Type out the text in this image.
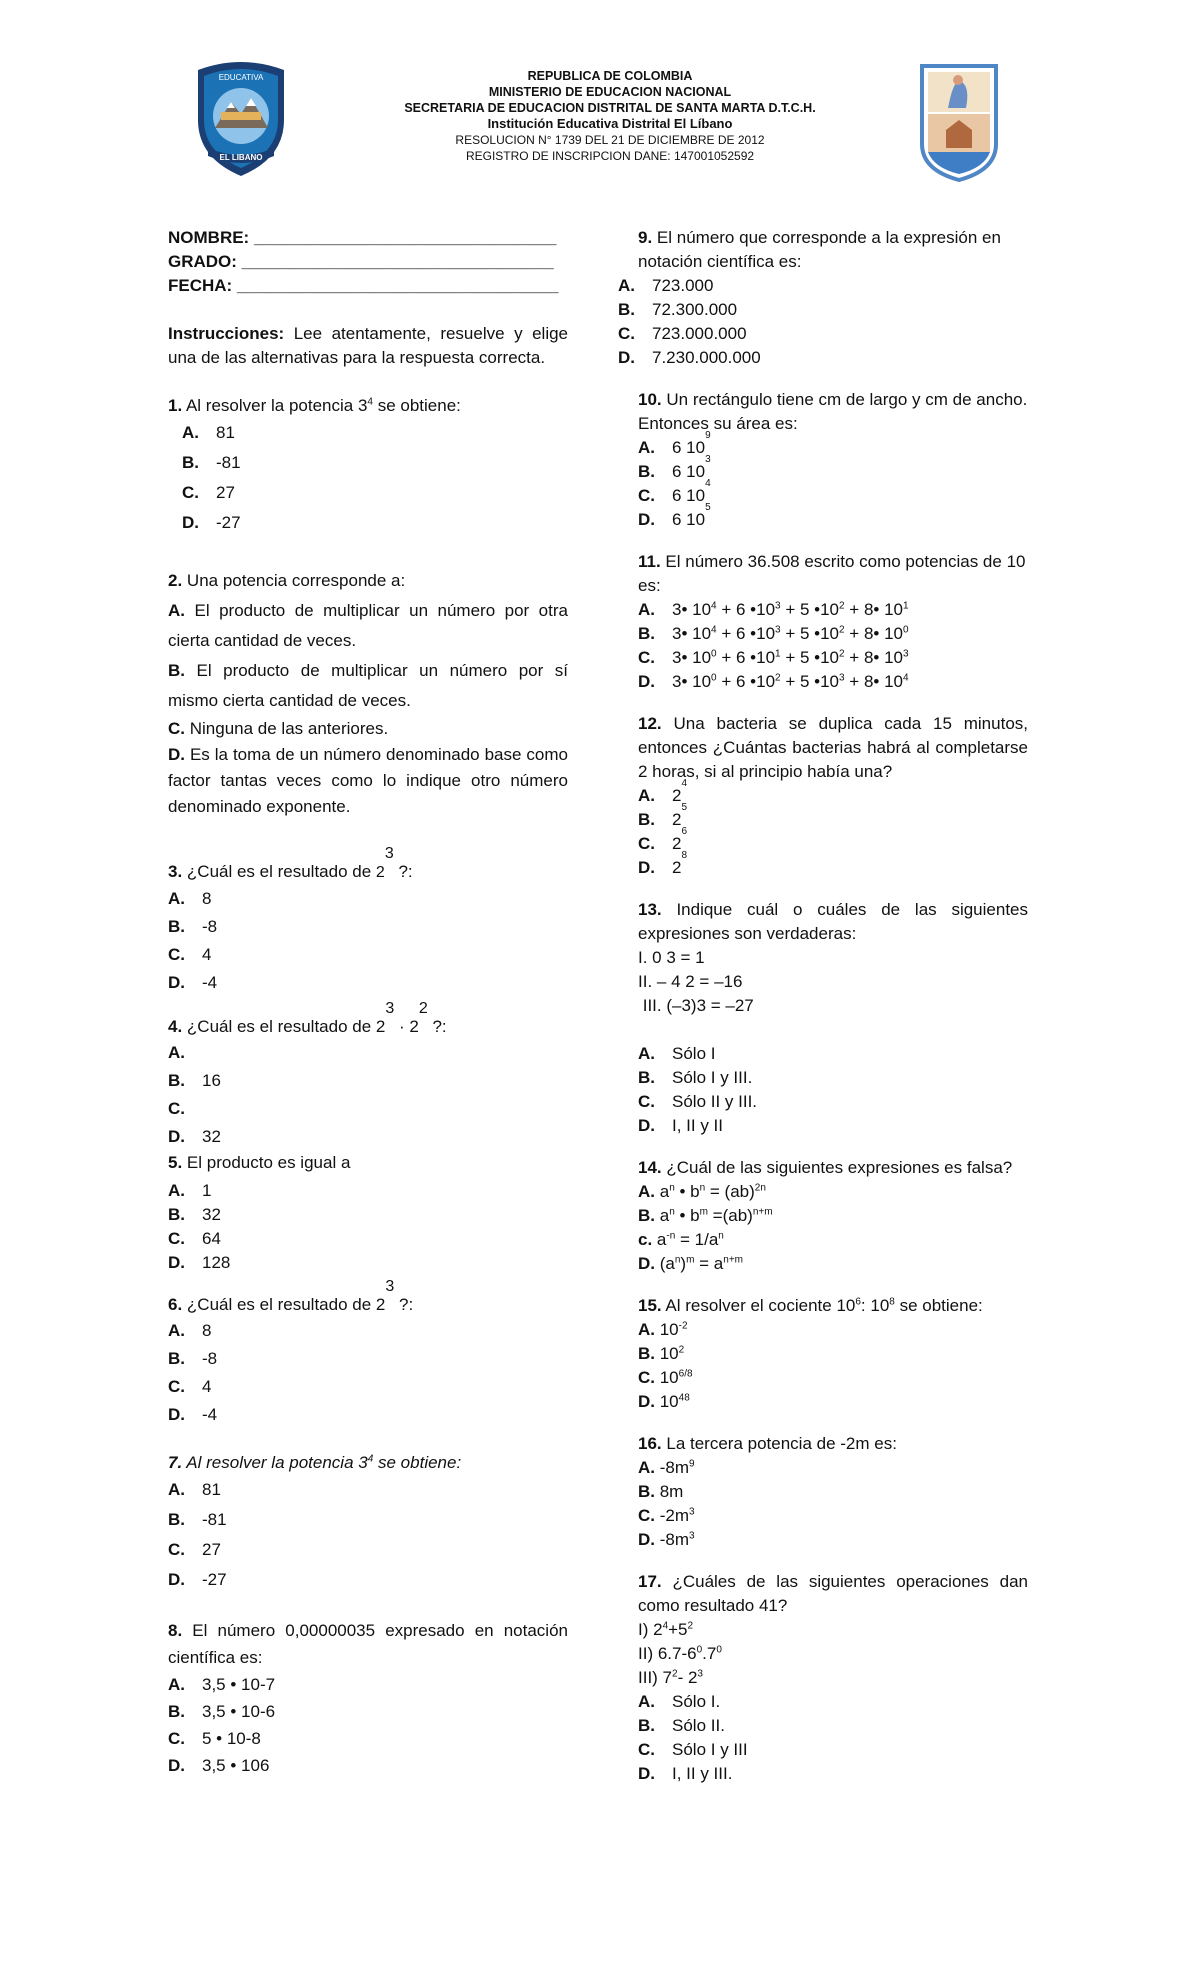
EDUCATIVA
EL LIBANO
REPUBLICA DE COLOMBIA
MINISTERIO DE EDUCACION NACIONAL
SECRETARIA DE EDUCACION DISTRITAL DE SANTA MARTA D.T.C.H.
Institución Educativa Distrital El Líbano
RESOLUCION N° 1739 DEL 21 DE DICIEMBRE DE 2012
REGISTRO DE INSCRIPCION DANE: 147001052592
NOMBRE: ________________________________
GRADO: _________________________________
FECHA: __________________________________
Instrucciones: Lee atentamente, resuelve y elige una de las alternativas para la respuesta correcta.
1. Al resolver la potencia $3^4$ se obtiene:
A.	81
B.	-81
C.	27
D.	-27

2. Una potencia corresponde a:

A. El producto de multiplicar un número por otra cierta cantidad de veces.

B. El producto de multiplicar un número por sí mismo cierta cantidad de veces.

C. Ninguna de las anteriores.

D. Es la toma de un número denominado base como factor tantas veces como lo indique otro número denominado exponente.

3. ¿Cuál es el resultado de $2^3$ ?:
A.	8
B.	-8
C.	4
D.	-4
4. ¿Cuál es el resultado de $2^3 \cdot 2^2$ ?:
A.
B.	16
C.
D.	32
5. El producto es igual a
A.	1
B.	32
C.	64
D.	128
6. ¿Cuál es el resultado de $2^3$ ?:
A.	8
B.	-8
C.	4
D.	-4
7. Al resolver la potencia $3^4$ se obtiene:
A.	81
B.	-81
C.	27
D.	-27
8. El número 0,00000035 expresado en notación científica es:
A.	3,5 • 10-7
B.	3,5 • 10-6
C.	5 • 10-8
D.	3,5 • 106
9. El número que corresponde a la expresión en notación científica es:
A.	723.000
B.	72.300.000
C.	723.000.000
D.	7.230.000.000
10. Un rectángulo tiene cm de largo y cm de ancho. Entonces su área es:
A.	6 10
9
B.	6 10
3
C.	6 10
4
D.	6 10
5
11. El número 36.508 escrito como potencias de 10 es:
A.	3• $10^4 + 6$ $•10^3 + 5$ $•10^2$ + 8• $10^1$
B.	3• $10^4 + 6$ $•10^3 + 5$ $•10^2$ + 8• $10^0$
C.	3• $10^0 + 6$ $•10^1 + 5$ $•10^2$ + 8• $10^3$
D.	3• $10^0 + 6$ $•10^2 + 5$ $•10^3$ + 8• $10^4$
12. Una bacteria se duplica cada 15 minutos, entonces ¿Cuántas bacterias habrá al completarse 2 horas, si al principio había una?
A.	2
4
B.	2
5
C.	2
6
D.	2
8
13. Indique cuál o cuáles de las siguientes expresiones son verdaderas:
I. 0 3 = 1
II. – 4 2 = –16
III. (–3)3 = –27
A.	Sólo I
B.	Sólo I y III.
C.	Sólo II y III.
D.	I, II y II
14. ¿Cuál de las siguientes expresiones es falsa?
A. $a^n$ • $b^n = (ab)^{2n}$
B. $a^n$ • $b^m =(ab)^{n+m}$
c. $a^{-n} = 1/a^n$
D. $(a^n)^m = a^{n+m}$
15. Al resolver el cociente $10^6$: $10^8$ se obtiene:
A. $10^{-2}$
B. $10^2$
C. $10^{6/8}$
D. $10^{48}$
16. La tercera potencia de -2m es:
A. $-8m^9$
B. 8m
C. $-2m^3$
D. $-8m^3$
17. ¿Cuáles de las siguientes operaciones dan como resultado 41?
I) $2^4+5^2$
II) $6.7-6^0.7^0$
III) $7^2-$ $2^3$
A.	Sólo I.
B.	Sólo II.
C.	Sólo I y III
D.	I, II y III.
